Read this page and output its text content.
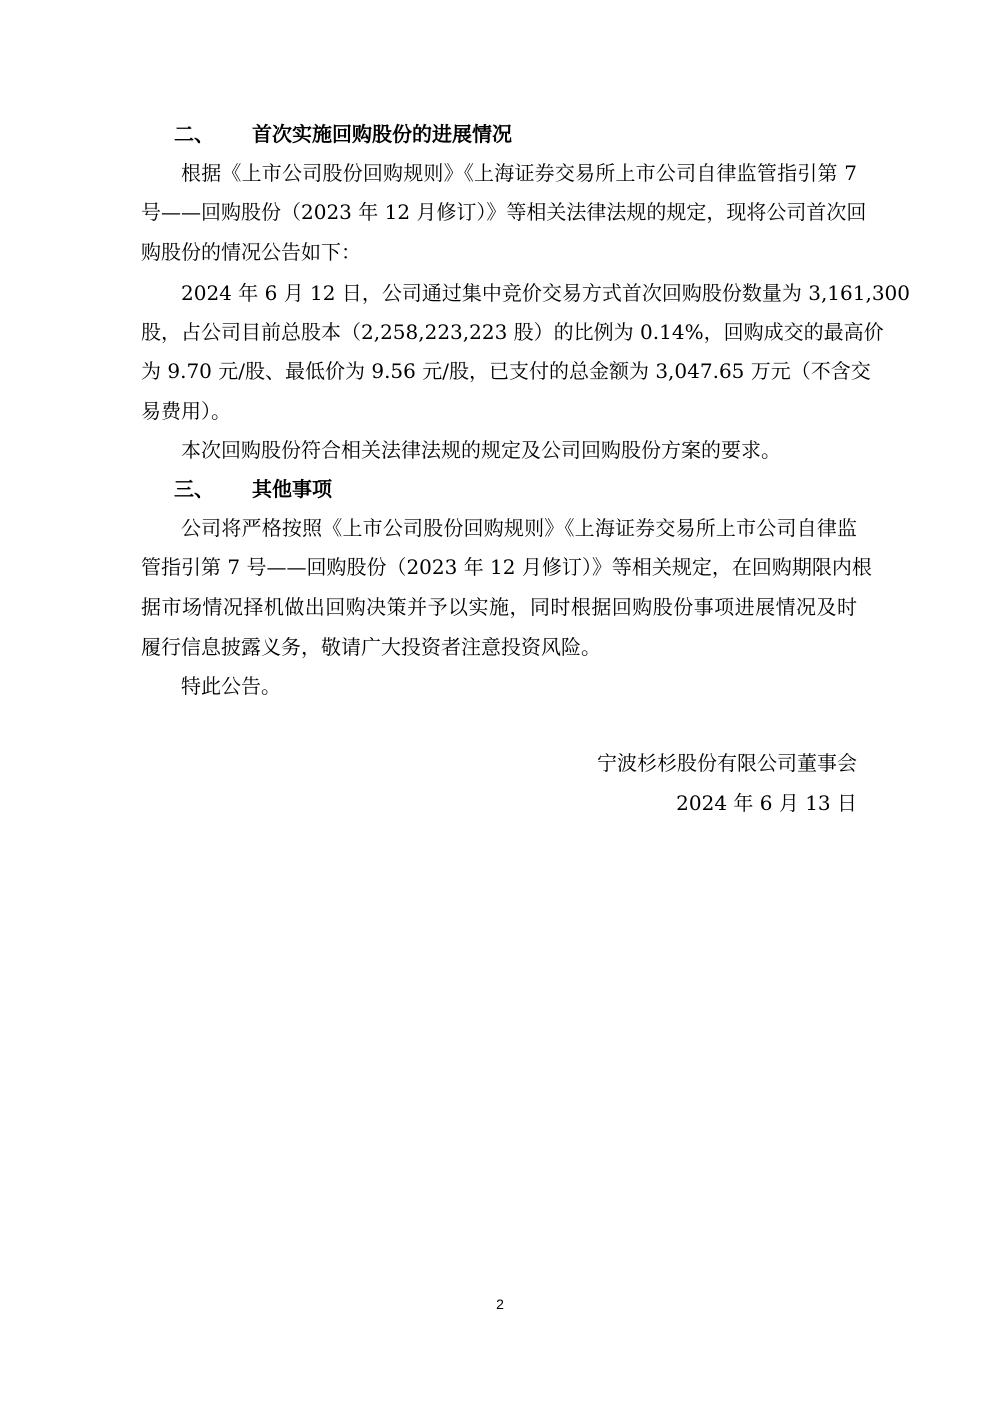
二、 首次实施回购股份的进展情况
根据《上市公司股份回购规则》《上海证券交易所上市公司自律监管指引第 7
号——回购股份（2023 年 12 月修订）》等相关法律法规的规定，现将公司首次回
购股份的情况公告如下：
2024 年 6 月 12 日，公司通过集中竞价交易方式首次回购股份数量为 3,161,300
股，占公司目前总股本（2,258,223,223 股）的比例为 0.14%，回购成交的最高价
为 9.70 元/股、最低价为 9.56 元/股，已支付的总金额为 3,047.65 万元（不含交
易费用）。
本次回购股份符合相关法律法规的规定及公司回购股份方案的要求。
三、 其他事项
公司将严格按照《上市公司股份回购规则》《上海证券交易所上市公司自律监
管指引第 7 号——回购股份（2023 年 12 月修订）》等相关规定，在回购期限内根
据市场情况择机做出回购决策并予以实施，同时根据回购股份事项进展情况及时
履行信息披露义务，敬请广大投资者注意投资风险。
特此公告。
宁波杉杉股份有限公司董事会
2024 年 6 月 13 日
2
